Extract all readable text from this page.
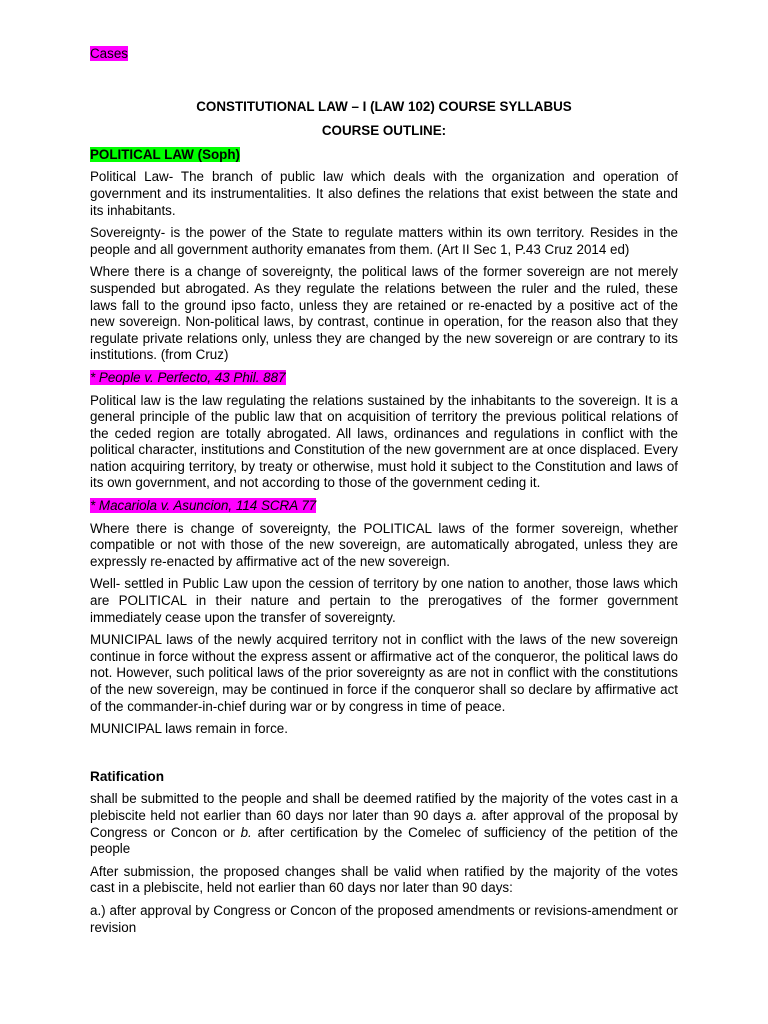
Cases
CONSTITUTIONAL LAW – I (LAW 102) COURSE SYLLABUS
COURSE OUTLINE:
POLITICAL LAW (Soph)

Political Law- The branch of public law which deals with the organization and operation of government and its instrumentalities. It also defines the relations that exist between the state and its inhabitants.

Sovereignty- is the power of the State to regulate matters within its own territory. Resides in the people and all government authority emanates from them. (Art II Sec 1, P.43 Cruz 2014 ed)

Where there is a change of sovereignty, the political laws of the former sovereign are not merely suspended but abrogated. As they regulate the relations between the ruler and the ruled, these laws fall to the ground ipso facto, unless they are retained or re-enacted by a positive act of the new sovereign. Non-political laws, by contrast, continue in operation, for the reason also that they regulate private relations only, unless they are changed by the new sovereign or are contrary to its institutions. (from Cruz)

* People v. Perfecto, 43 Phil. 887

Political law is the law regulating the relations sustained by the inhabitants to the sovereign. It is a general principle of the public law that on acquisition of territory the previous political relations of the ceded region are totally abrogated. All laws, ordinances and regulations in conflict with the political character, institutions and Constitution of the new government are at once displaced. Every nation acquiring territory, by treaty or otherwise, must hold it subject to the Constitution and laws of its own government, and not according to those of the government ceding it.

* Macariola v. Asuncion, 114 SCRA 77

Where there is change of sovereignty, the POLITICAL laws of the former sovereign, whether compatible or not with those of the new sovereign, are automatically abrogated, unless they are expressly re-enacted by affirmative act of the new sovereign.

Well- settled in Public Law upon the cession of territory by one nation to another, those laws which are POLITICAL in their nature and pertain to the prerogatives of the former government immediately cease upon the transfer of sovereignty.

MUNICIPAL laws of the newly acquired territory not in conflict with the laws of the new sovereign continue in force without the express assent or affirmative act of the conqueror, the political laws do not. However, such political laws of the prior sovereignty as are not in conflict with the constitutions of the new sovereign, may be continued in force if the conqueror shall so declare by affirmative act of the commander-in-chief during war or by congress in time of peace.

MUNICIPAL laws remain in force.

Ratification

shall be submitted to the people and shall be deemed ratified by the majority of the votes cast in a plebiscite held not earlier than 60 days nor later than 90 days a. after approval of the proposal by Congress or Concon or b. after certification by the Comelec of sufficiency of the petition of the people

After submission, the proposed changes shall be valid when ratified by the majority of the votes cast in a plebiscite, held not earlier than 60 days nor later than 90 days:

a.) after approval by Congress or Concon of the proposed amendments or revisions-amendment or revision
